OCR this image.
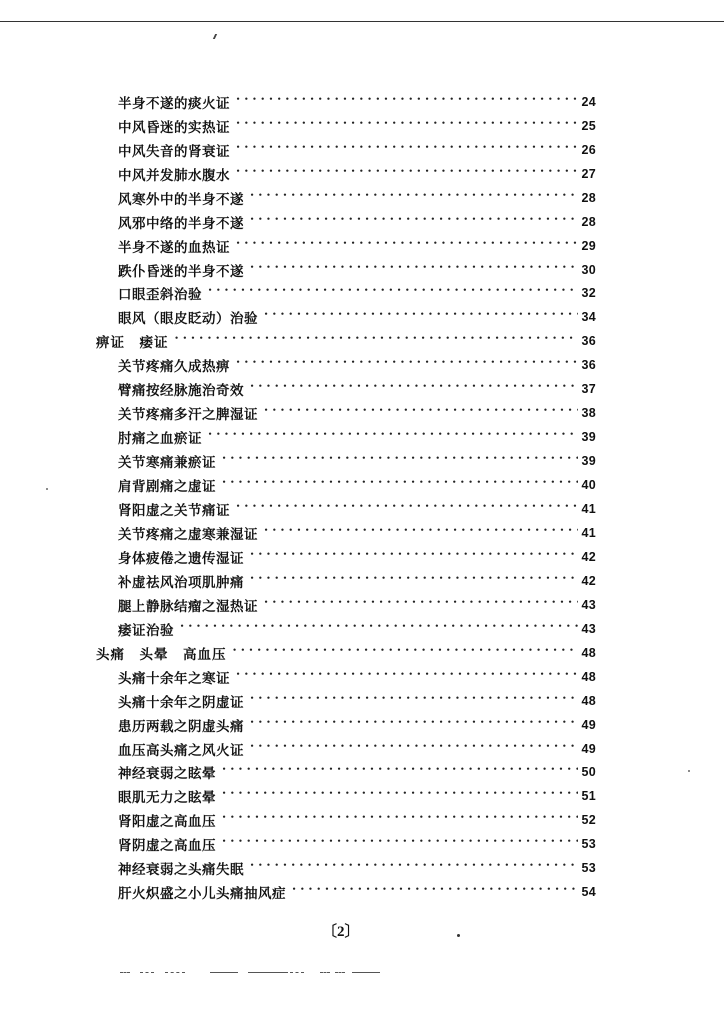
半身不遂的痰火证 • • •	24
中风昏迷的实热证 • • •	25
中风失音的肾衰证 • • •	26
中风并发肺水腹水 • • •	27
风寒外中的半身不遂 • • •	28
风邪中络的半身不遂 • • •	28
半身不遂的血热证 • • •	29
跌仆昏迷的半身不遂 • • •	30
口眼歪斜治验 • • •	32
眼风（眼皮眨动）治验 • • •	34
痹证　痿证 • • •	36
关节疼痛久成热痹 • • •	36
臂痛按经脉施治奇效 • • •	37
关节疼痛多汗之脾湿证 • • •	38
肘痛之血瘀证 • • •	39
关节寒痛兼瘀证 • • •	39
肩背剧痛之虚证 • • •	40
肾阳虚之关节痛证 • • •	41
关节疼痛之虚寒兼湿证 • • •	41
身体疲倦之遗传湿证 • • •	42
补虚祛风治项肌肿痛 • • •	42
腿上静脉结瘤之湿热证 • • •	43
痿证治验 • • •	43
头痛　头晕　高血压 • • •	48
头痛十余年之寒证 • • •	48
头痛十余年之阴虚证 • • •	48
患历两载之阴虚头痛 • • •	49
血压高头痛之风火证 • • •	49
神经衰弱之眩晕 • • •	50
眼肌无力之眩晕 • • •	51
肾阳虚之高血压 • • •	52
肾阴虚之高血压 • • •	53
神经衰弱之头痛失眠 • • •	53
肝火炽盛之小儿头痛抽风症 • • •	54
〔2〕
